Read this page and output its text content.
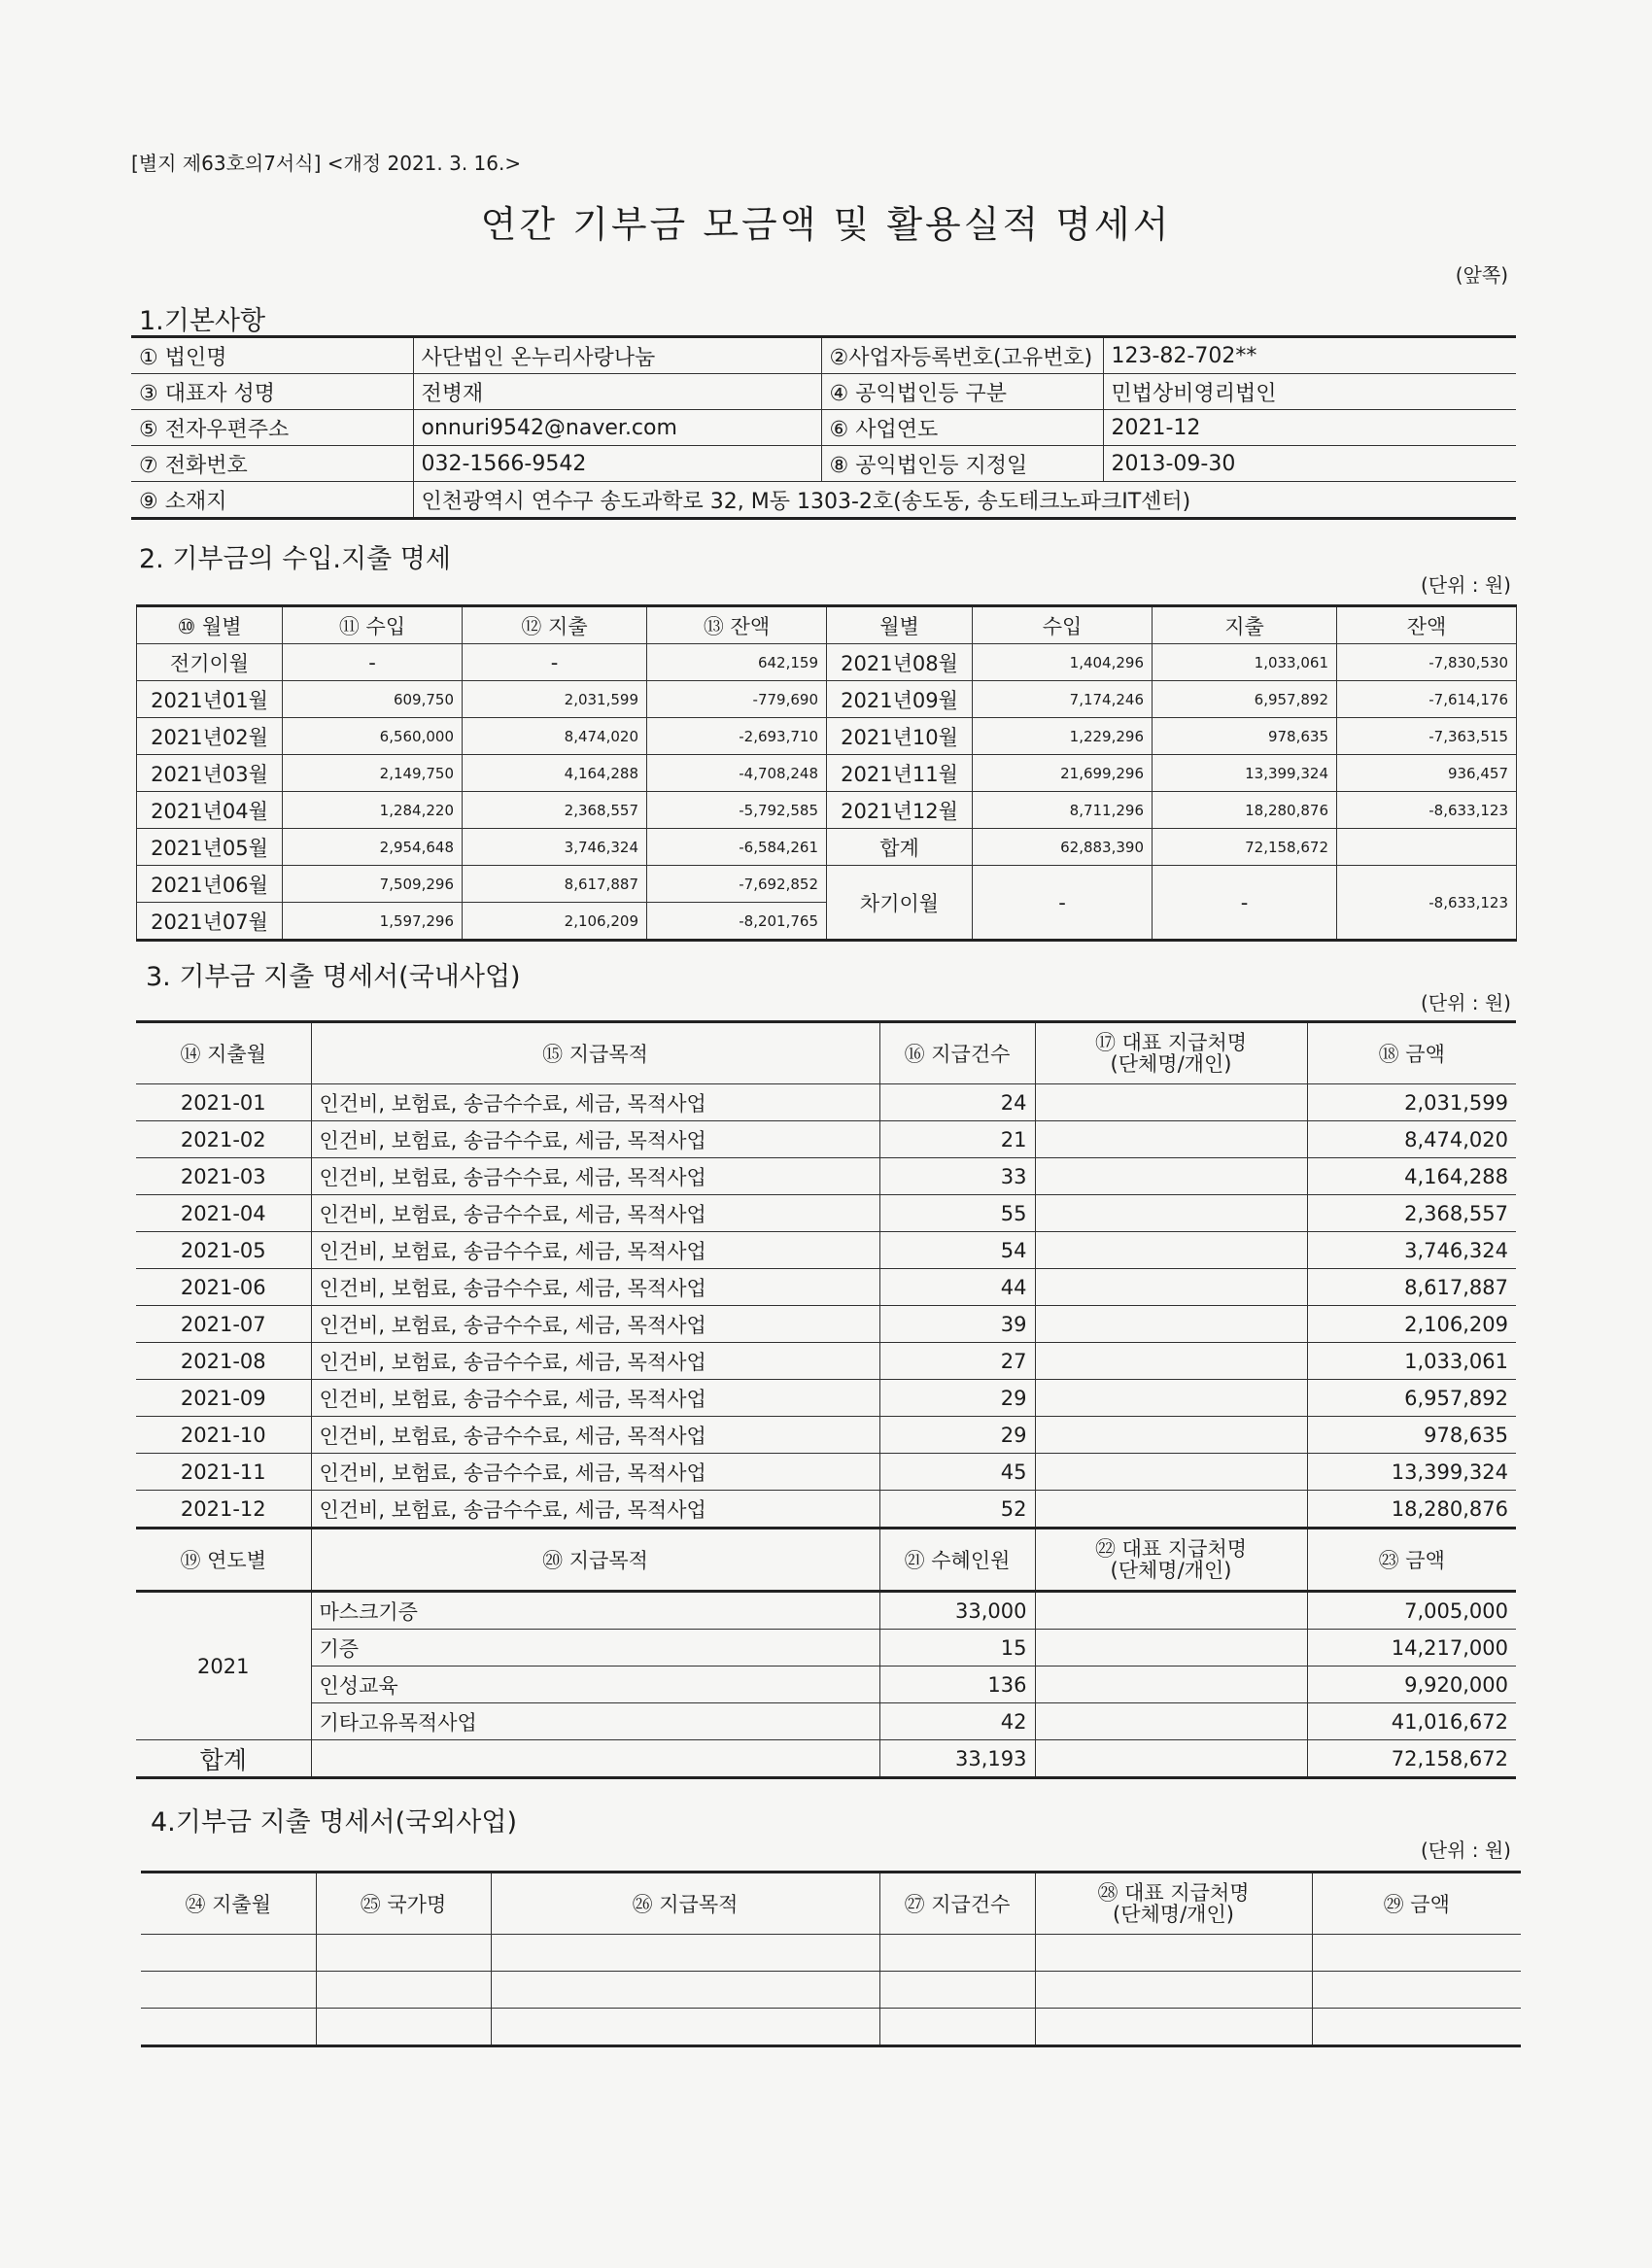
[별지 제63호의7서식] <개정 2021. 3. 16.>
연간 기부금 모금액 및 활용실적 명세서
(앞쪽)
1.기본사항
① 법인명	사단법인 온누리사랑나눔	②사업자등록번호(고유번호)	123-82-702**
③ 대표자 성명	전병재	④ 공익법인등 구분	민법상비영리법인
⑤ 전자우편주소	onnuri9542@naver.com	⑥ 사업연도	2021-12
⑦ 전화번호	032-1566-9542	⑧ 공익법인등 지정일	2013-09-30
⑨ 소재지	인천광역시 연수구 송도과학로 32, M동 1303-2호(송도동, 송도테크노파크IT센터)		
2. 기부금의 수입.지출 명세
(단위 : 원)
⑩ 월별	⑪ 수입	⑫ 지출	⑬ 잔액	월별	수입	지출	잔액
전기이월	-	-	642,159	2021년08월	1,404,296	1,033,061	-7,830,530
2021년01월	609,750	2,031,599	-779,690	2021년09월	7,174,246	6,957,892	-7,614,176
2021년02월	6,560,000	8,474,020	-2,693,710	2021년10월	1,229,296	978,635	-7,363,515
2021년03월	2,149,750	4,164,288	-4,708,248	2021년11월	21,699,296	13,399,324	936,457
2021년04월	1,284,220	2,368,557	-5,792,585	2021년12월	8,711,296	18,280,876	-8,633,123
2021년05월	2,954,648	3,746,324	-6,584,261	합계	62,883,390	72,158,672	
2021년06월	7,509,296	8,617,887	-7,692,852	차기이월	-	-	-8,633,123
2021년07월	1,597,296	2,106,209	-8,201,765				
3. 기부금 지출 명세서(국내사업)
(단위 : 원)
⑭ 지출월	⑮ 지급목적	⑯ 지급건수	⑰ 대표 지급처명
(단체명/개인)	⑱ 금액
2021-01	인건비, 보험료, 송금수수료, 세금, 목적사업	24		2,031,599
2021-02	인건비, 보험료, 송금수수료, 세금, 목적사업	21		8,474,020
2021-03	인건비, 보험료, 송금수수료, 세금, 목적사업	33		4,164,288
2021-04	인건비, 보험료, 송금수수료, 세금, 목적사업	55		2,368,557
2021-05	인건비, 보험료, 송금수수료, 세금, 목적사업	54		3,746,324
2021-06	인건비, 보험료, 송금수수료, 세금, 목적사업	44		8,617,887
2021-07	인건비, 보험료, 송금수수료, 세금, 목적사업	39		2,106,209
2021-08	인건비, 보험료, 송금수수료, 세금, 목적사업	27		1,033,061
2021-09	인건비, 보험료, 송금수수료, 세금, 목적사업	29		6,957,892
2021-10	인건비, 보험료, 송금수수료, 세금, 목적사업	29		978,635
2021-11	인건비, 보험료, 송금수수료, 세금, 목적사업	45		13,399,324
2021-12	인건비, 보험료, 송금수수료, 세금, 목적사업	52		18,280,876
⑲ 연도별	⑳ 지급목적	㉑ 수혜인원	㉒ 대표 지급처명
(단체명/개인)	㉓ 금액
2021	마스크기증	33,000		7,005,000
	기증	15		14,217,000
	인성교육	136		9,920,000
	기타고유목적사업	42		41,016,672
합계		33,193		72,158,672
4.기부금 지출 명세서(국외사업)
(단위 : 원)
㉔ 지출월	㉕ 국가명	㉖ 지급목적	㉗ 지급건수	㉘ 대표 지급처명
(단체명/개인)	㉙ 금액
